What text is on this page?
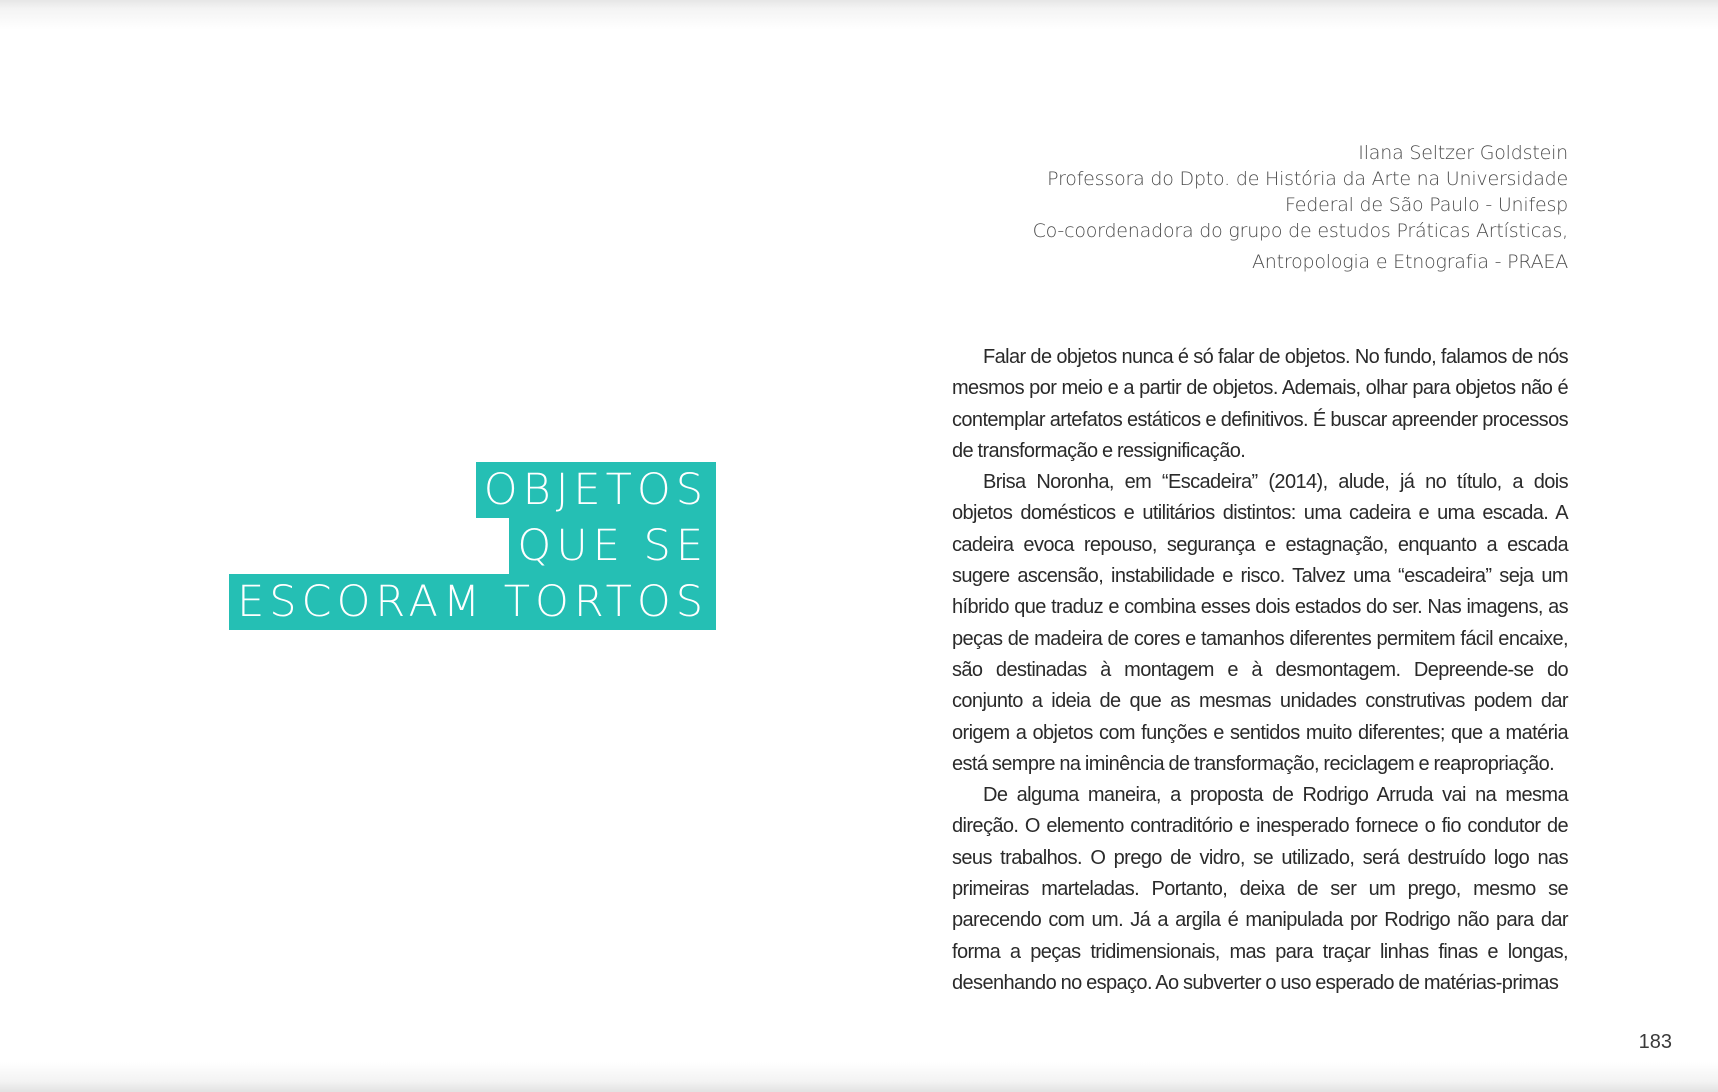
OBJETOS
QUE SE
ESCORAM TORTOS
Ilana Seltzer Goldstein
Professora do Dpto. de História da Arte na Universidade
Federal de São Paulo - Unifesp
Co-coordenadora do grupo de estudos Práticas Artísticas,
Antropologia e Etnografia - PRAEA

Falar de objetos nunca é só falar de objetos. No fundo, falamos de nós mesmos por meio e a partir de objetos. Ademais, olhar para objetos não é contemplar artefatos estáticos e definitivos. É buscar apreender processos de transformação e ressignificação.

Brisa Noronha, em “Escadeira” (2014), alude, já no título, a dois objetos domésticos e utilitários distintos: uma cadeira e uma escada. A cadeira evoca repouso, segurança e estagnação, enquanto a escada sugere ascensão, instabilidade e risco. Talvez uma “escadeira” seja um híbrido que traduz e combina esses dois estados do ser. Nas imagens, as peças de madeira de cores e tamanhos diferentes permitem fácil encaixe, são destinadas à montagem e à desmontagem. Depreende-se do conjunto a ideia de que as mesmas unidades construtivas podem dar origem a objetos com funções e sentidos muito diferentes; que a matéria está sempre na iminência de transformação, reciclagem e reapropriação.

De alguma maneira, a proposta de Rodrigo Arruda vai na mesma direção. O elemento contraditório e inesperado fornece o fio condutor de seus trabalhos. O prego de vidro, se utilizado, será destruído logo nas primeiras marteladas. Portanto, deixa de ser um prego, mesmo se parecendo com um. Já a argila é manipulada por Rodrigo não para dar forma a peças tridimensionais, mas para traçar linhas finas e longas, desenhando no espaço. Ao subverter o uso esperado de matérias-primas

183
